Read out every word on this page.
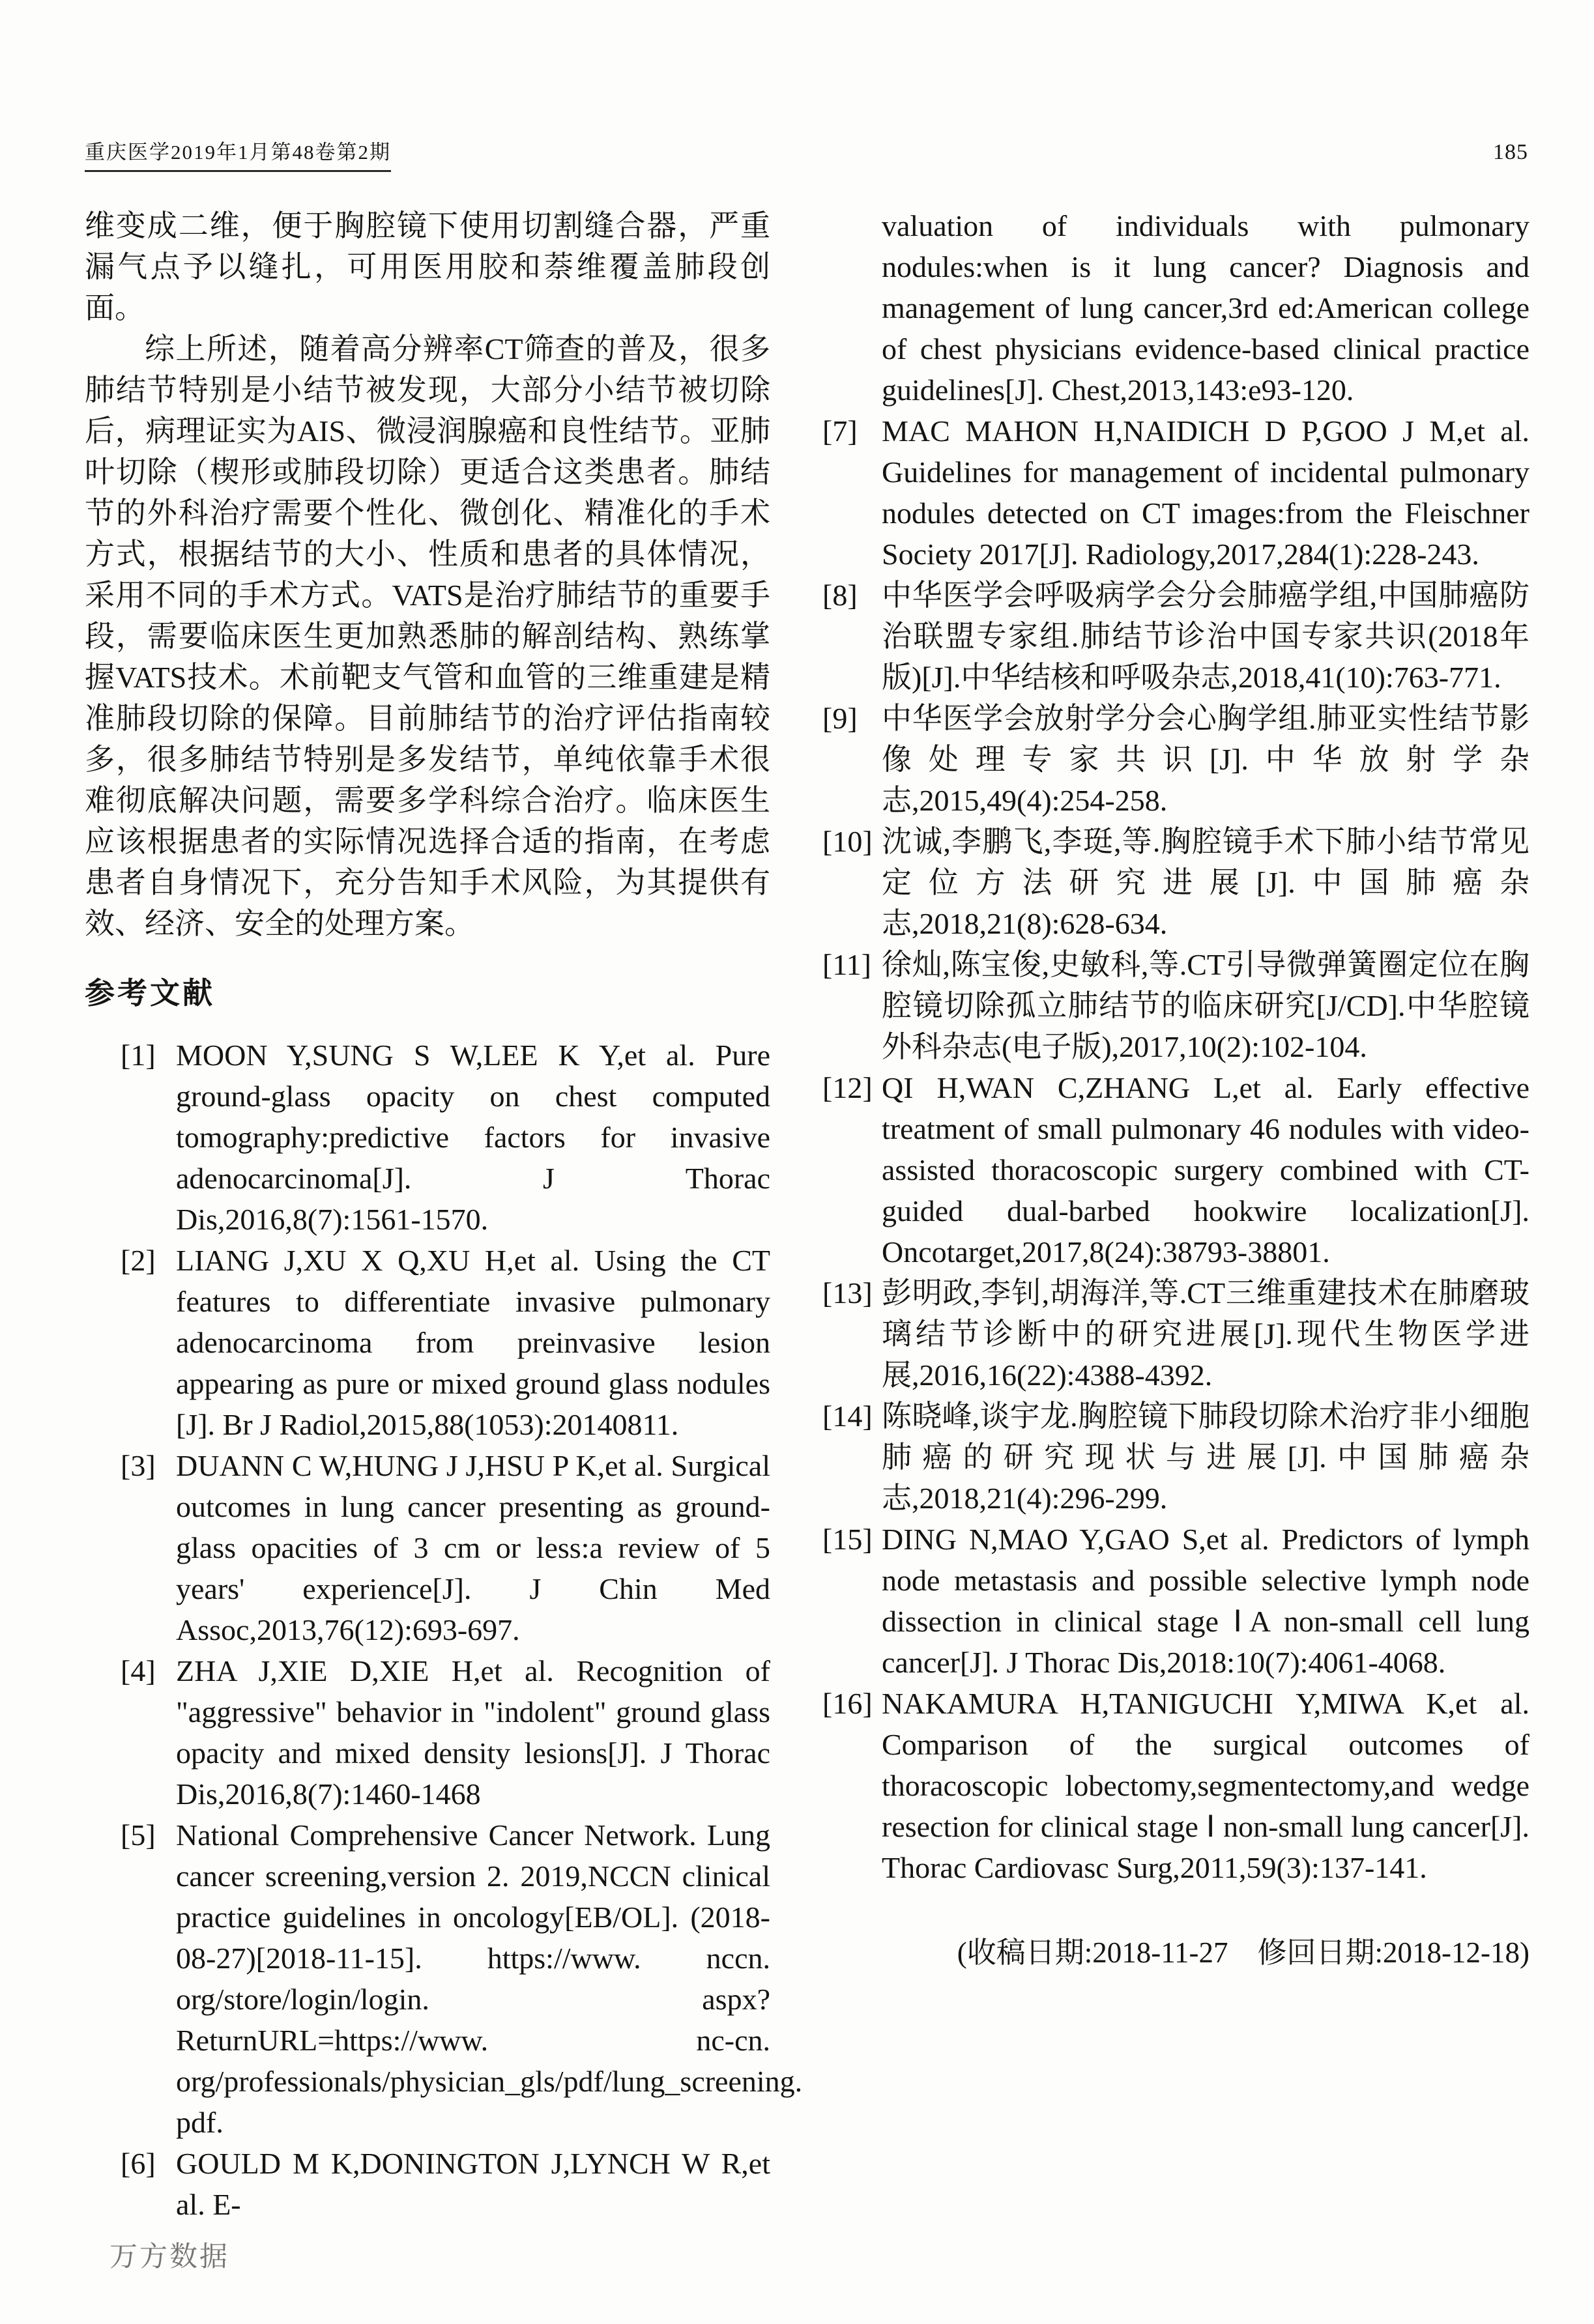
重庆医学2019年1月第48卷第2期	185

维变成二维，便于胸腔镜下使用切割缝合器，严重漏气点予以缝扎，可用医用胶和萘维覆盖肺段创面。

综上所述，随着高分辨率CT筛查的普及，很多肺结节特别是小结节被发现，大部分小结节被切除后，病理证实为AIS、微浸润腺癌和良性结节。亚肺叶切除（楔形或肺段切除）更适合这类患者。肺结节的外科治疗需要个性化、微创化、精准化的手术方式，根据结节的大小、性质和患者的具体情况，采用不同的手术方式。VATS是治疗肺结节的重要手段，需要临床医生更加熟悉肺的解剖结构、熟练掌握VATS技术。术前靶支气管和血管的三维重建是精准肺段切除的保障。目前肺结节的治疗评估指南较多，很多肺结节特别是多发结节，单纯依靠手术很难彻底解决问题，需要多学科综合治疗。临床医生应该根据患者的实际情况选择合适的指南，在考虑患者自身情况下，充分告知手术风险，为其提供有效、经济、安全的处理方案。

参考文献
[1] MOON Y,SUNG S W,LEE K Y,et al. Pure ground-glass opacity on chest computed tomography:predictive factors for invasive adenocarcinoma[J]. J Thorac Dis,2016,8(7):1561-1570.
[2] LIANG J,XU X Q,XU H,et al. Using the CT features to differentiate invasive pulmonary adenocarcinoma from preinvasive lesion appearing as pure or mixed ground glass nodules [J]. Br J Radiol,2015,88(1053):20140811.
[3] DUANN C W,HUNG J J,HSU P K,et al. Surgical outcomes in lung cancer presenting as ground-glass opacities of 3 cm or less:a review of 5 years' experience[J]. J Chin Med Assoc,2013,76(12):693-697.
[4] ZHA J,XIE D,XIE H,et al. Recognition of "aggressive" behavior in "indolent" ground glass opacity and mixed density lesions[J]. J Thorac Dis,2016,8(7):1460-1468
[5] National Comprehensive Cancer Network. Lung cancer screening,version 2. 2019,NCCN clinical practice guidelines in oncology[EB/OL]. (2018-08-27)[2018-11-15]. https://www. nccn. org/store/login/login. aspx? ReturnURL=https://www. nc-cn. org/professionals/physician_gls/pdf/lung_screening. pdf.
[6] GOULD M K,DONINGTON J,LYNCH W R,et al. E-
valuation of individuals with pulmonary nodules:when is it lung cancer? Diagnosis and management of lung cancer,3rd ed:American college of chest physicians evidence-based clinical practice guidelines[J]. Chest,2013,143:e93-120.
[7] MAC MAHON H,NAIDICH D P,GOO J M,et al. Guidelines for management of incidental pulmonary nodules detected on CT images:from the Fleischner Society 2017[J]. Radiology,2017,284(1):228-243.
[8] 中华医学会呼吸病学会分会肺癌学组,中国肺癌防治联盟专家组.肺结节诊治中国专家共识(2018年版)[J].中华结核和呼吸杂志,2018,41(10):763-771.
[9] 中华医学会放射学分会心胸学组.肺亚实性结节影像处理专家共识[J].中华放射学杂志,2015,49(4):254-258.
[10] 沈诚,李鹏飞,李珽,等.胸腔镜手术下肺小结节常见定位方法研究进展[J].中国肺癌杂志,2018,21(8):628-634.
[11] 徐灿,陈宝俊,史敏科,等.CT引导微弹簧圈定位在胸腔镜切除孤立肺结节的临床研究[J/CD].中华腔镜外科杂志(电子版),2017,10(2):102-104.
[12] QI H,WAN C,ZHANG L,et al. Early effective treatment of small pulmonary 46 nodules with video-assisted thoracoscopic surgery combined with CT- guided dual-barbed hookwire localization[J]. Oncotarget,2017,8(24):38793-38801.
[13] 彭明政,李钊,胡海洋,等.CT三维重建技术在肺磨玻璃结节诊断中的研究进展[J].现代生物医学进展,2016,16(22):4388-4392.
[14] 陈晓峰,谈宇龙.胸腔镜下肺段切除术治疗非小细胞肺癌的研究现状与进展[J].中国肺癌杂志,2018,21(4):296-299.
[15] DING N,MAO Y,GAO S,et al. Predictors of lymph node metastasis and possible selective lymph node dissection in clinical stage ⅠA non-small cell lung cancer[J]. J Thorac Dis,2018:10(7):4061-4068.
[16] NAKAMURA H,TANIGUCHI Y,MIWA K,et al. Comparison of the surgical outcomes of thoracoscopic lobectomy,segmentectomy,and wedge resection for clinical stage Ⅰ non-small lung cancer[J]. Thorac Cardiovasc Surg,2011,59(3):137-141.
(收稿日期:2018-11-27　修回日期:2018-12-18)
万方数据
